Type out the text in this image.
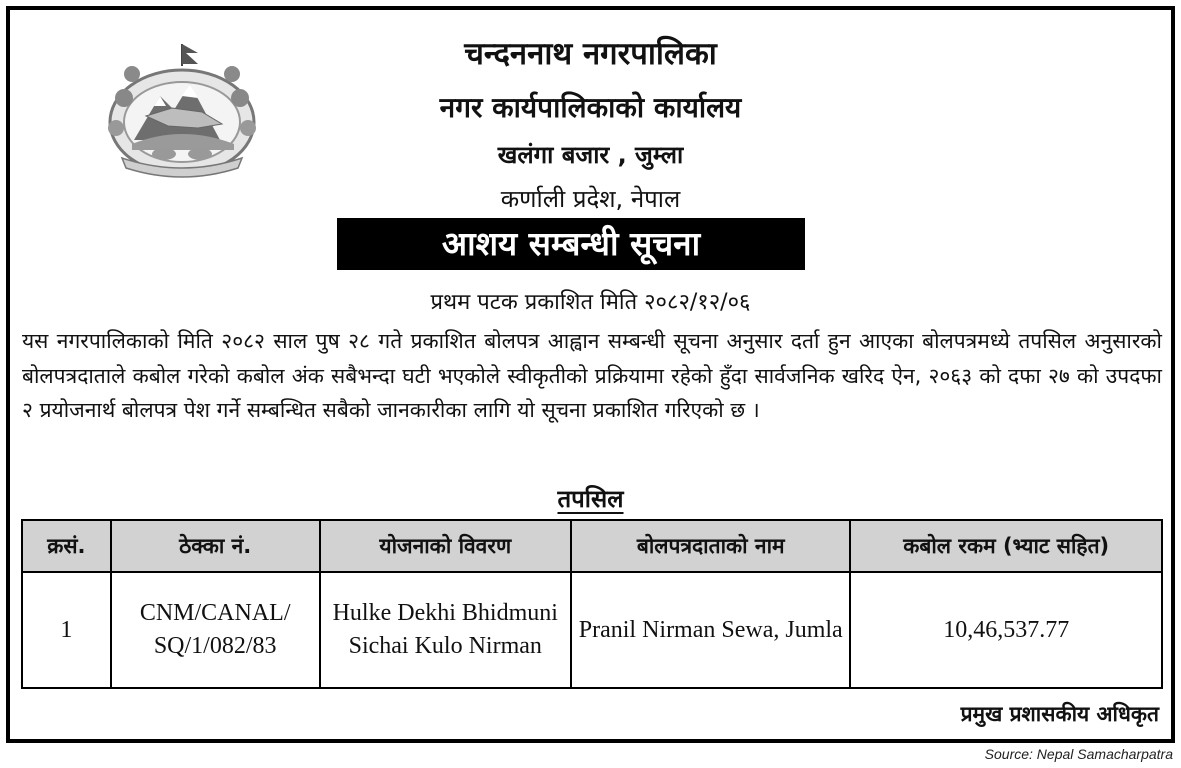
चन्दननाथ नगरपालिका
नगर कार्यपालिकाको कार्यालय
खलंगा बजार , जुम्ला
कर्णाली प्रदेश, नेपाल
आशय सम्बन्धी सूचना
प्रथम पटक प्रकाशित मिति २०८२/१२/०६

यस नगरपालिकाको मिति २०८२ साल पुष २८ गते प्रकाशित बोलपत्र आह्वान सम्बन्धी सूचना अनुसार दर्ता हुन आएका बोलपत्रमध्ये तपसिल अनुसारको बोलपत्रदाताले कबोल गरेको कबोल अंक सबैभन्दा घटी भएकोले स्वीकृतीको प्रक्रियामा रहेको हुँदा सार्वजनिक खरिद ऐन, २०६३ को दफा २७ को उपदफा २ प्रयोजनार्थ बोलपत्र पेश गर्ने सम्बन्धित सबैको जानकारीका लागि यो सूचना प्रकाशित गरिएको छ ।

तपसिल
क्रसं.	ठेक्का नं.	योजनाको विवरण	बोलपत्रदाताको नाम	कबोल रकम (भ्याट सहित)
1	CNM/CANAL/ SQ/1/082/83	Hulke Dekhi Bhidmuni Sichai Kulo Nirman	Pranil Nirman Sewa, Jumla	10,46,537.77
प्रमुख प्रशासकीय अधिकृत
Source: Nepal Samacharpatra
